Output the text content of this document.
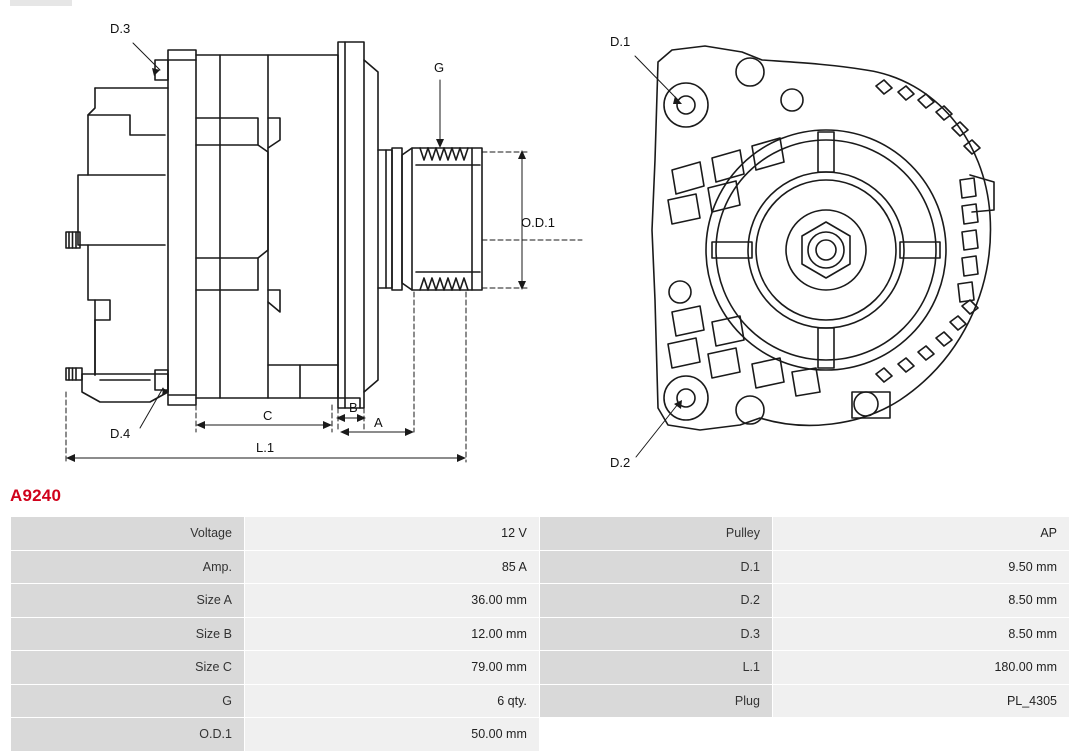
D.3
G
O.D.1
D.4
C
B
A
L.1
D.1
D.2
A9240
Voltage	12 V	Pulley	AP
Amp.	85 A	D.1	9.50 mm
Size A	36.00 mm	D.2	8.50 mm
Size B	12.00 mm	D.3	8.50 mm
Size C	79.00 mm	L.1	180.00 mm
G	6 qty.	Plug	PL_4305
O.D.1	50.00 mm		
